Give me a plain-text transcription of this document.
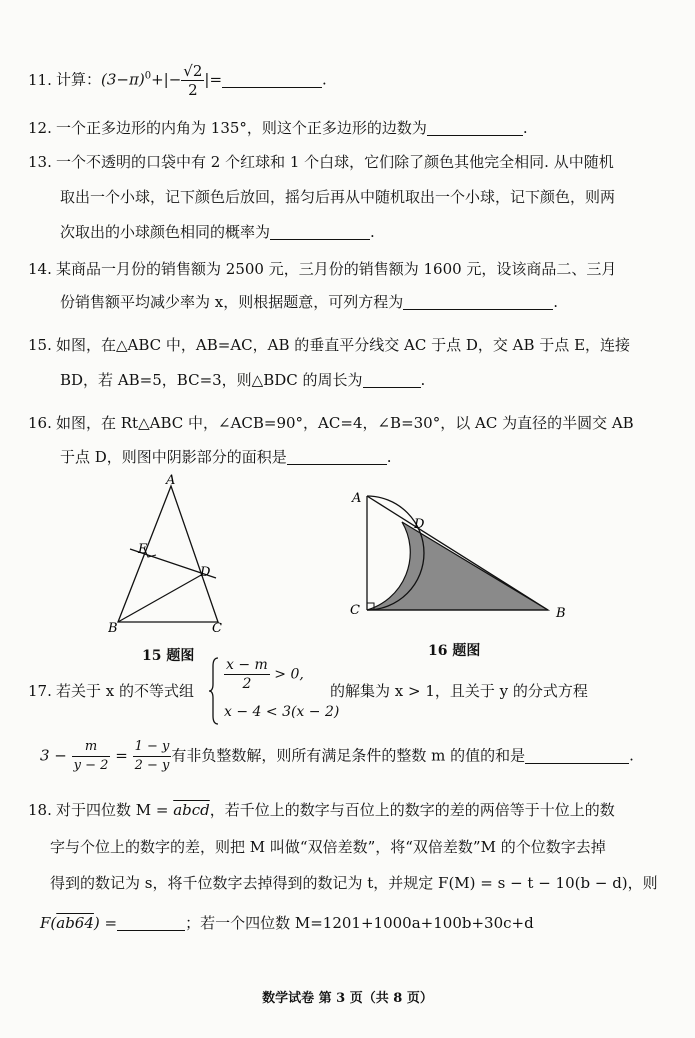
11. 计算：$(3-\pi)^0+|- \frac{√2}{2}$ |=	.
12. 一个正多边形的内角为 135°，则这个正多边形的边数为	.
13. 一个不透明的口袋中有 2 个红球和 1 个白球，它们除了颜色其他完全相同. 从中随机
取出一个小球，记下颜色后放回，摇匀后再从中随机取出一个小球，记下颜色，则两
次取出的小球颜色相同的概率为	.
14. 某商品一月份的销售额为 2500 元，三月份的销售额为 1600 元，设该商品二、三月
份销售额平均减少率为 x，则根据题意，可列方程为	.
15. 如图，在△ABC 中，AB=AC，AB 的垂直平分线交 AC 于点 D，交 AB 于点 E，连接
BD，若 AB=5，BC=3，则△BDC 的周长为	.
16. 如图，在 Rt△ABC 中，∠ACB=90°，AC=4，∠B=30°，以 AC 为直径的半圆交 AB
于点 D，则图中阴影部分的面积是	.
A
B	C
D
E
15 题图
A
D
C	B
16 题图
17. 若关于 x 的不等式组 $\frac{x - m}{2} > 0$,
x − 4 < 3(x − 2)
的解集为 x > 1，且关于 y 的分式方程
$3 - \frac{m}{y - 2} = \frac{1 - y}{2 - y}$ 有非负整数解，则所有满足条件的整数 m 的值的和是	.
18. 对于四位数 M = abcd，若千位上的数字与百位上的数字的差的两倍等于十位上的数
字与个位上的数字的差，则把 M 叫做“双倍差数”，将“双倍差数”M 的个位数字去掉
得到的数记为 s，将千位数字去掉得到的数记为 t，并规定 F(M) = s − t − 10(b − d)，则
F(ab64) =	；若一个四位数 M=1201+1000a+100b+30c+d
数学试卷 第 3 页（共 8 页）
